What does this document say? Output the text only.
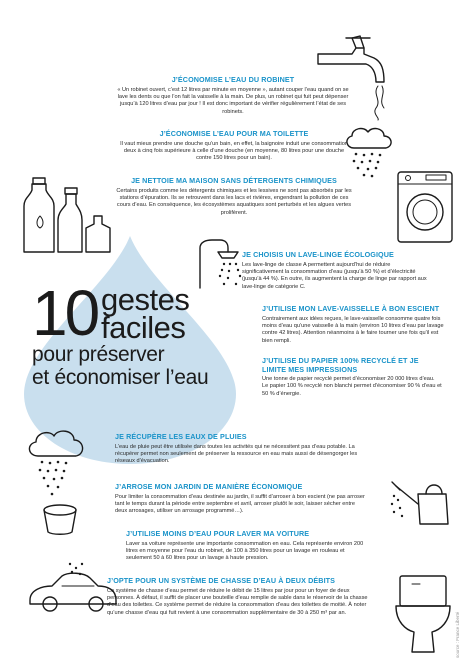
10 gestes
faciles
pour préserver
et économiser l’eau

J’ÉCONOMISE L’EAU DU ROBINET

« Un robinet ouvert, c’est 12 litres par minute en moyenne », autant couper l’eau quand on se lave les dents ou que l’on fait la vaisselle à la main. De plus, un robinet qui fuit peut dépenser jusqu’à 120 litres d’eau par jour ! Il est donc important de vérifier régulièrement l’état de ses robinets.

J’ÉCONOMISE L’EAU POUR MA TOILETTE

Il vaut mieux prendre une douche qu’un bain, en effet, la baignoire induit une consommation deux à cinq fois supérieure à celle d’une douche (en moyenne, 80 litres pour une douche contre 150 litres pour un bain).

JE NETTOIE MA MAISON SANS DÉTERGENTS CHIMIQUES

Certains produits comme les détergents chimiques et les lessives ne sont pas absorbés par les stations d’épuration. Ils se retrouvent dans les lacs et rivières, engendrant la pollution de ces cours d’eau. En conséquence, les écosystèmes aquatiques sont perturbés et les algues vertes prolifèrent.

JE CHOISIS UN LAVE-LINGE ÉCOLOGIQUE

Les lave-linge de classe A permettent aujourd’hui de réduire significativement la consommation d’eau (jusqu’à 50 %) et d’électricité (jusqu’à 44 %). En outre, ils augmentent la charge de linge par rapport aux lave-linge de catégorie C.

J’UTILISE MON LAVE-VAISSELLE À BON ESCIENT

Contrairement aux idées reçues, le lave-vaisselle consomme quatre fois moins d’eau qu’une vaisselle à la main (environ 10 litres d’eau par lavage contre 42 litres). Attention néanmoins à le faire tourner une fois qu’il est bien rempli.

J’UTILISE DU PAPIER 100% RECYCLÉ ET JE LIMITE MES IMPRESSIONS

Une tonne de papier recyclé permet d’économiser 20 000 litres d’eau. Le papier 100 % recyclé non blanchi permet d’économiser 90 % d’eau et 50 % d’énergie.

JE RÉCUPÈRE LES EAUX DE PLUIES

L’eau de pluie peut être utilisée dans toutes les activités qui ne nécessitent pas d’eau potable. La récupérer permet non seulement de préserver la ressource en eau mais aussi de désengorger les réseaux d’évacuation.

J’ARROSE MON JARDIN DE MANIÈRE ÉCONOMIQUE

Pour limiter la consommation d’eau destinée au jardin, il suffit d’arroser à bon escient (ne pas arroser tant le temps durant la période entre septembre et avril, arroser plutôt le soir, laisser sécher entre deux arrosages, utiliser un arrosage programmé…).

J’UTILISE MOINS D’EAU POUR LAVER MA VOITURE

Laver sa voiture représente une importante consommation en eau. Cela représente environ 200 litres en moyenne pour l’eau du robinet, de 100 à 350 litres pour un lavage en rouleau et seulement 50 à 60 litres pour un lavage à haute pression.

J’OPTE POUR UN SYSTÈME DE CHASSE D’EAU À DEUX DÉBITS

Ce système de chasse d’eau permet de réduire le débit de 15 litres par jour pour un foyer de deux personnes. À défaut, il suffit de placer une bouteille d’eau remplie de sable dans le réservoir de la chasse d’eau des toilettes. Ce système permet de réduire la consommation d’eau des toilettes de moitié. À noter qu’une chasse d’eau qui fuit revient à une consommation supplémentaire de 30 à 250 m³ par an.	source : France Liberté
